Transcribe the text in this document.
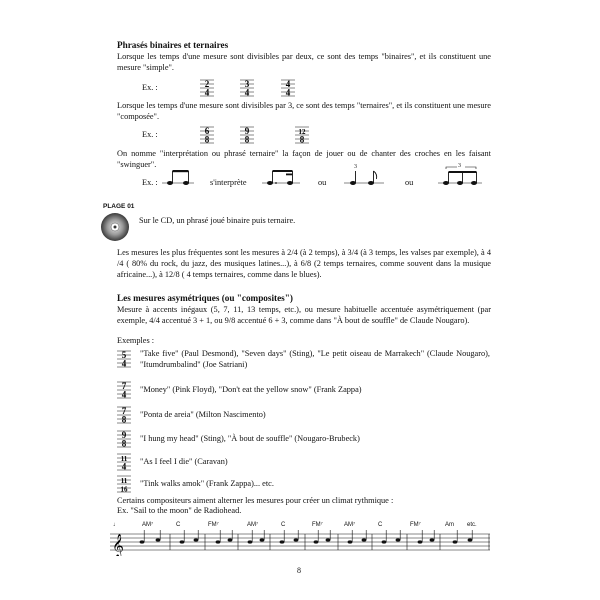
Phrasés binaires et ternaires
Lorsque les temps d'une mesure sont divisibles par deux, ce sont des temps "binaires", et ils constituent une mesure "simple".
Ex. :	2
4
3
4
4
4
Lorsque les temps d'une mesure sont divisibles par 3, ce sont des temps "ternaires", et ils constituent une mesure "composée".
Ex. :	6
8
9
8
12
8
On nomme "interprétation ou phrasé ternaire" la façon de jouer ou de chanter des croches en les faisant "swinguer".
Ex. :	s'interprète	ou
3
ou
3
PLAGE 01
Sur le CD, un phrasé joué binaire puis ternaire.
Les mesures les plus fréquentes sont les mesures à 2/4 (à 2 temps), à 3/4 (à 3 temps, les valses par exemple), à 4 /4 ( 80% du rock, du jazz, des musiques latines...), à 6/8 (2 temps ternaires, comme souvent dans la musique africaine...), à 12/8 ( 4 temps ternaires, comme dans le blues).
Les mesures asymétriques (ou "composites")
Mesure à accents inégaux (5, 7, 11, 13 temps, etc.), ou mesure habituelle accentuée asymétriquement (par exemple, 4/4 accentué 3 + 1, ou 9/8 accentué 6 + 3, comme dans "À bout de souffle" de Claude Nougaro).
Exemples :
5
4
"Take five" (Paul Desmond), "Seven days" (Sting), "Le petit oiseau de Marrakech" (Claude Nougaro), "Itumdrumbalind" (Joe Satriani)
7
4 "Money" (Pink Floyd), "Don't eat the yellow snow" (Frank Zappa)
7
8 "Ponta de areia" (Milton Nascimento)
9
8 "I hung my head" (Sting), "À bout de souffle" (Nougaro-Brubeck)
11
4 "As I feel I die" (Caravan)
11
16
"Tink walks amok" (Frank Zappa)... etc.
Certains compositeurs aiment alterner les mesures pour créer un climat rythmique :
Ex. "Sail to the moon" de Radiohead.
♩	AM⁷	C	FM⁷	AM⁷	C	FM⁷	AM⁷	C	FM⁷	Am etc.
𝄞
8
